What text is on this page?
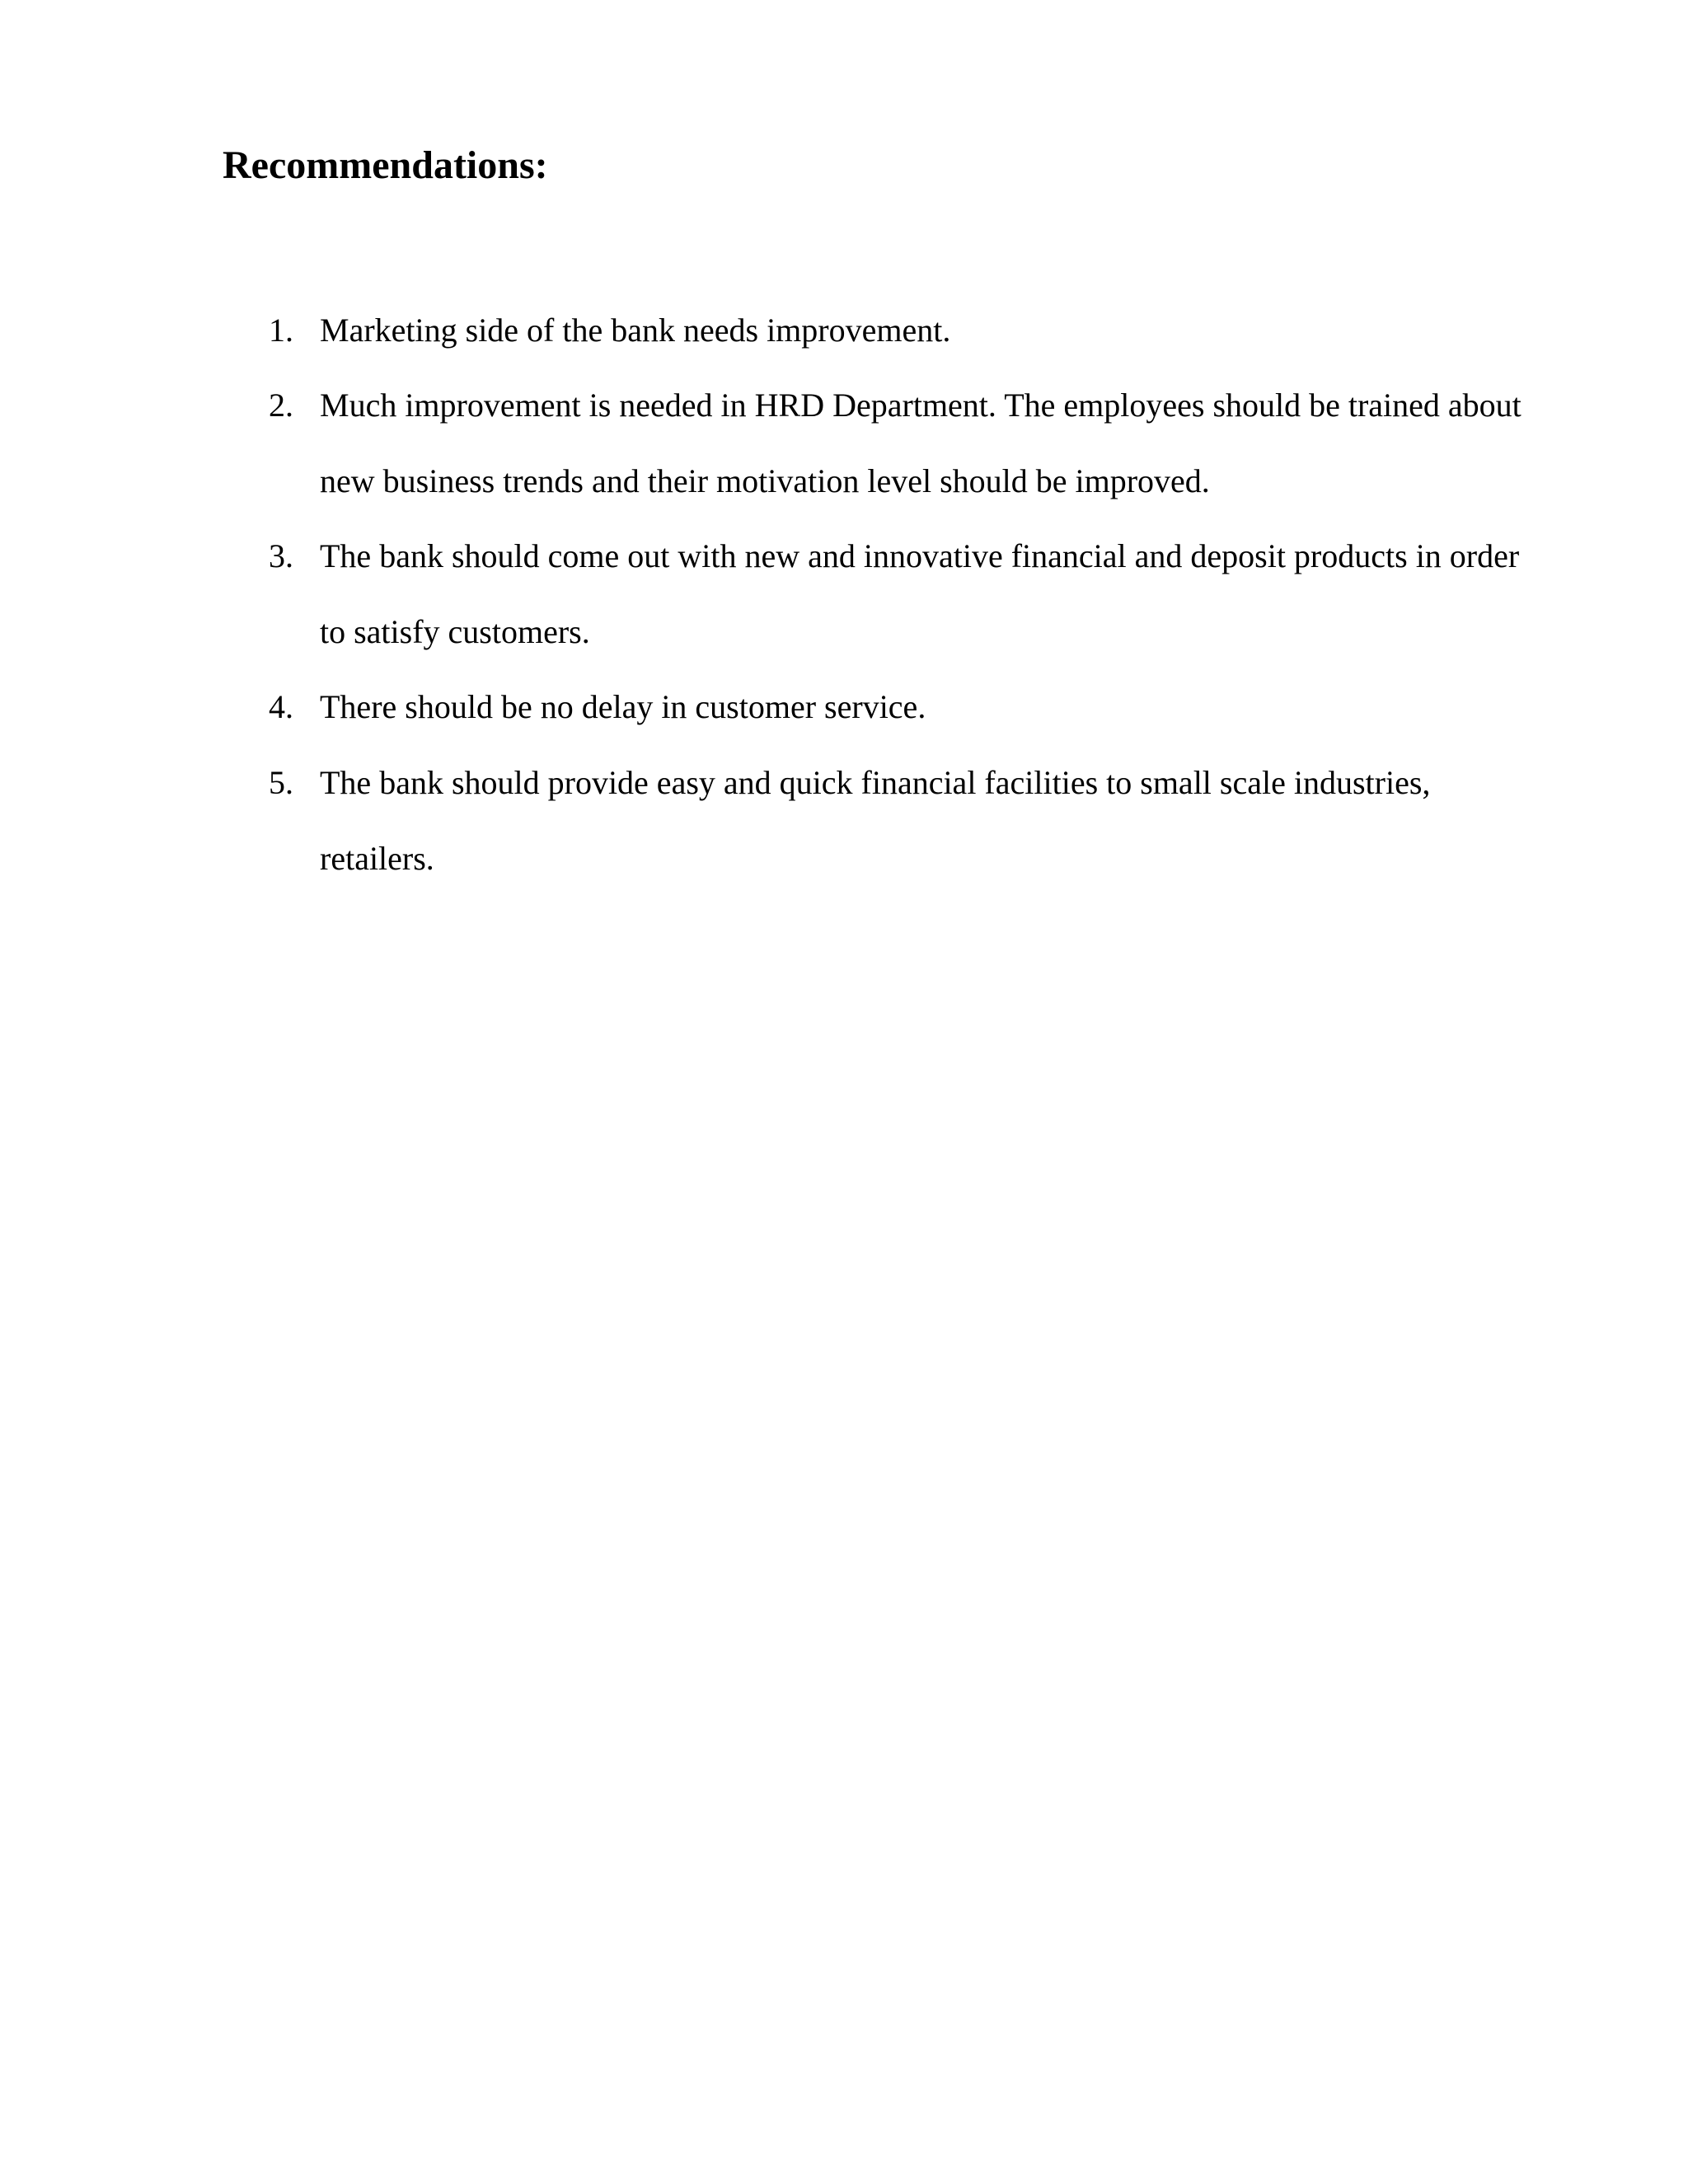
Recommendations:
1. Marketing side of the bank needs improvement.
2. Much improvement is needed in HRD Department. The employees should be trained about
new business trends and their motivation level should be improved.
3. The bank should come out with new and innovative financial and deposit products in order
to satisfy customers.
4. There should be no delay in customer service.
5. The bank should provide easy and quick financial facilities to small scale industries,
retailers.
